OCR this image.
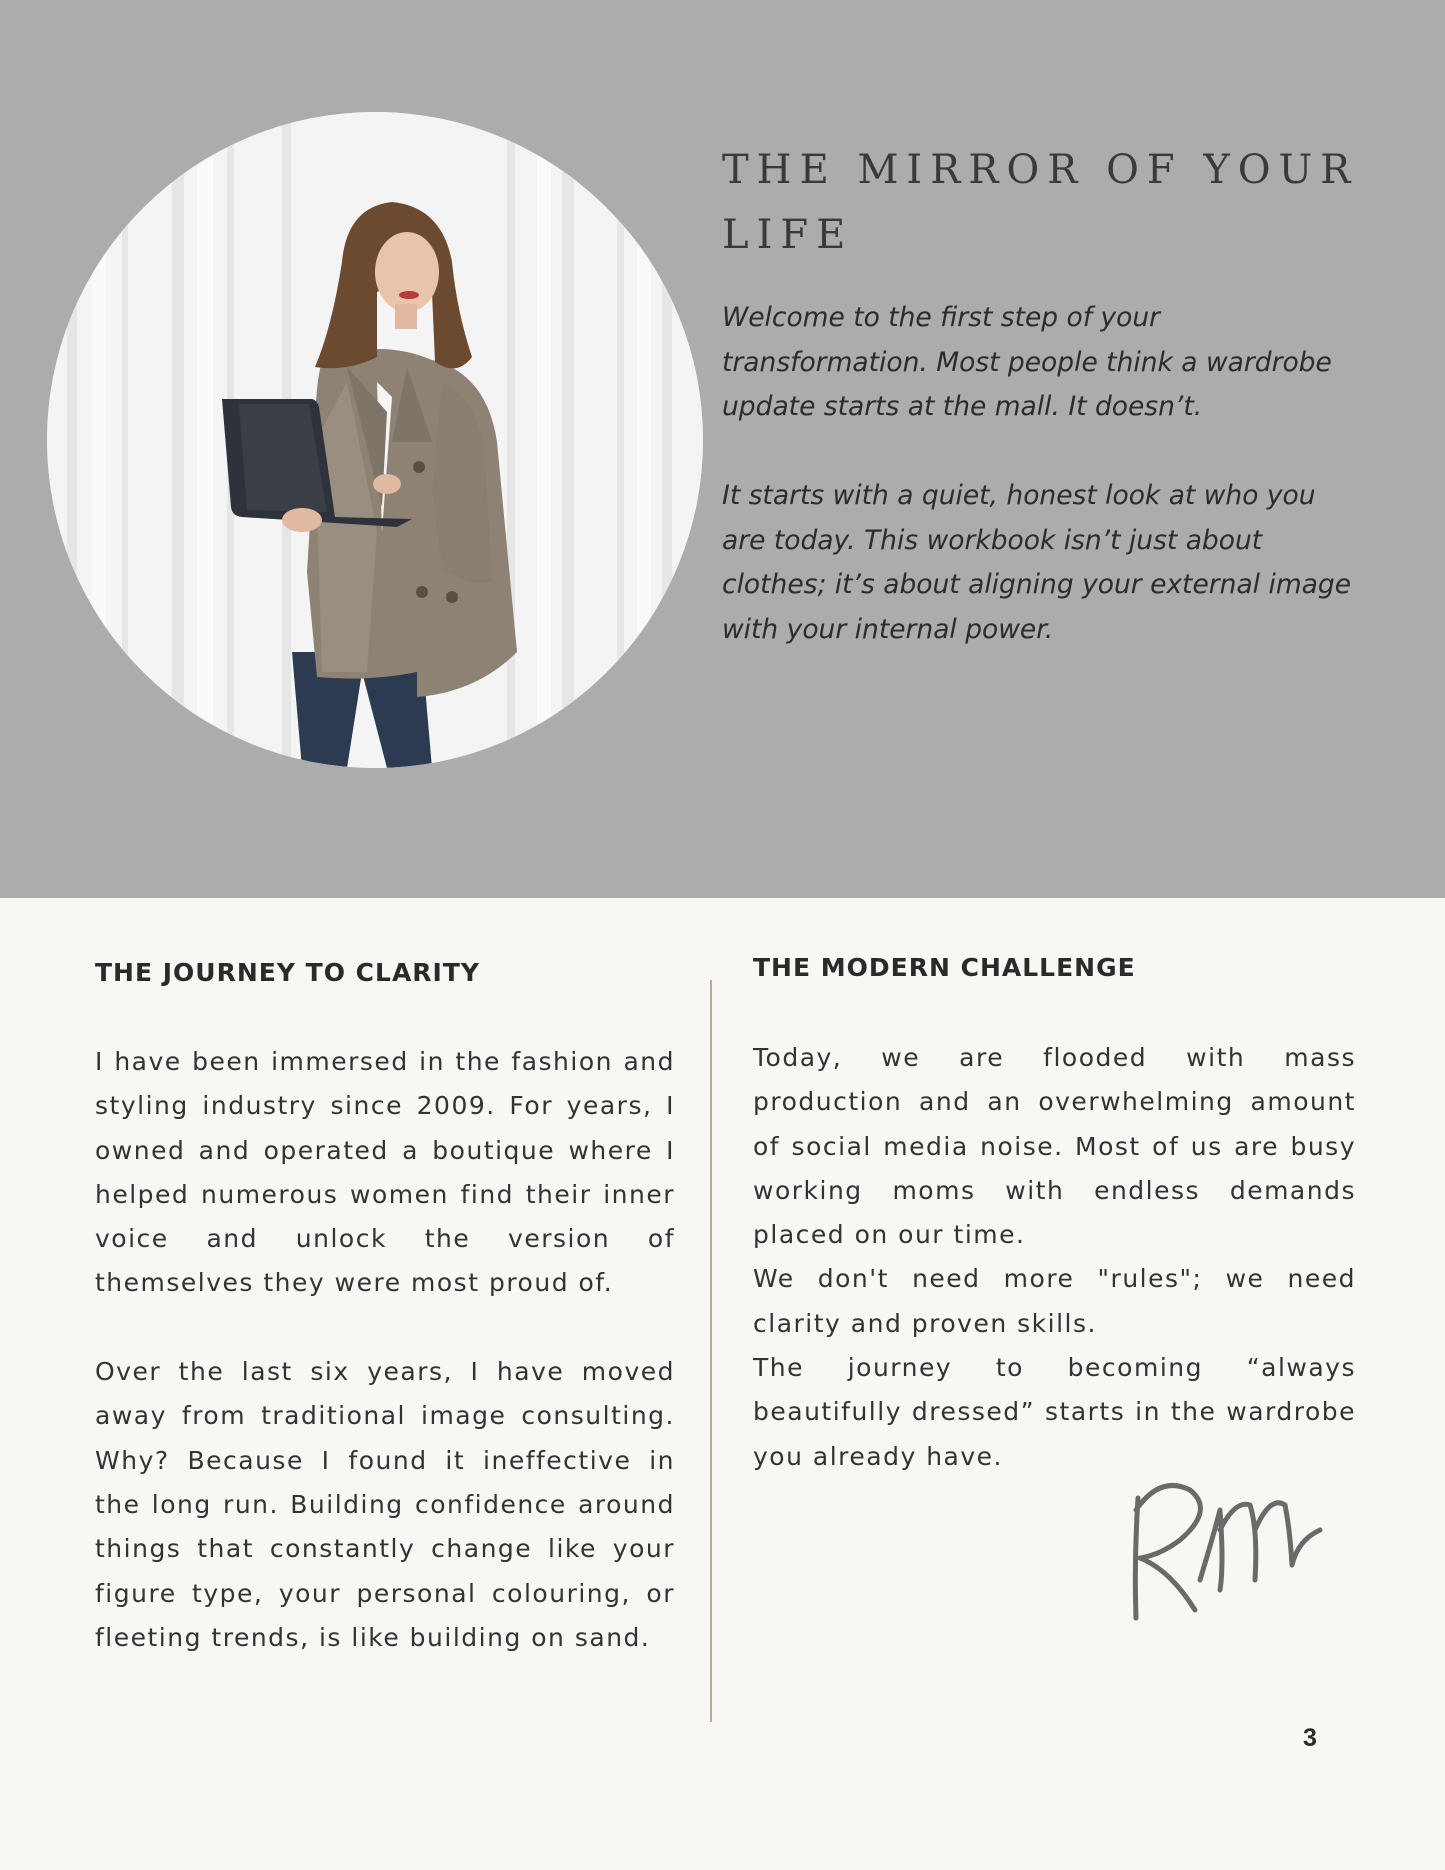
THE MIRROR OF YOUR LIFE

Welcome to the first step of your transformation. Most people think a wardrobe update starts at the mall. It doesn’t.

It starts with a quiet, honest look at who you are today. This workbook isn’t just about clothes; it’s about aligning your external image with your internal power.

THE JOURNEY TO CLARITY

I have been immersed in the fashion and styling industry since 2009. For years, I owned and operated a boutique where I helped numerous women find their inner voice and unlock the version of themselves they were most proud of.

Over the last six years, I have moved away from traditional image consulting. Why? Because I found it ineffective in the long run. Building confidence around things that constantly change like your figure type, your personal colouring, or fleeting trends, is like building on sand.

THE MODERN CHALLENGE

Today, we are flooded with mass production and an overwhelming amount of social media noise. Most of us are busy working moms with endless demands placed on our time.

We don't need more "rules"; we need clarity and proven skills.

The journey to becoming “always beautifully dressed” starts in the wardrobe you already have.

3
